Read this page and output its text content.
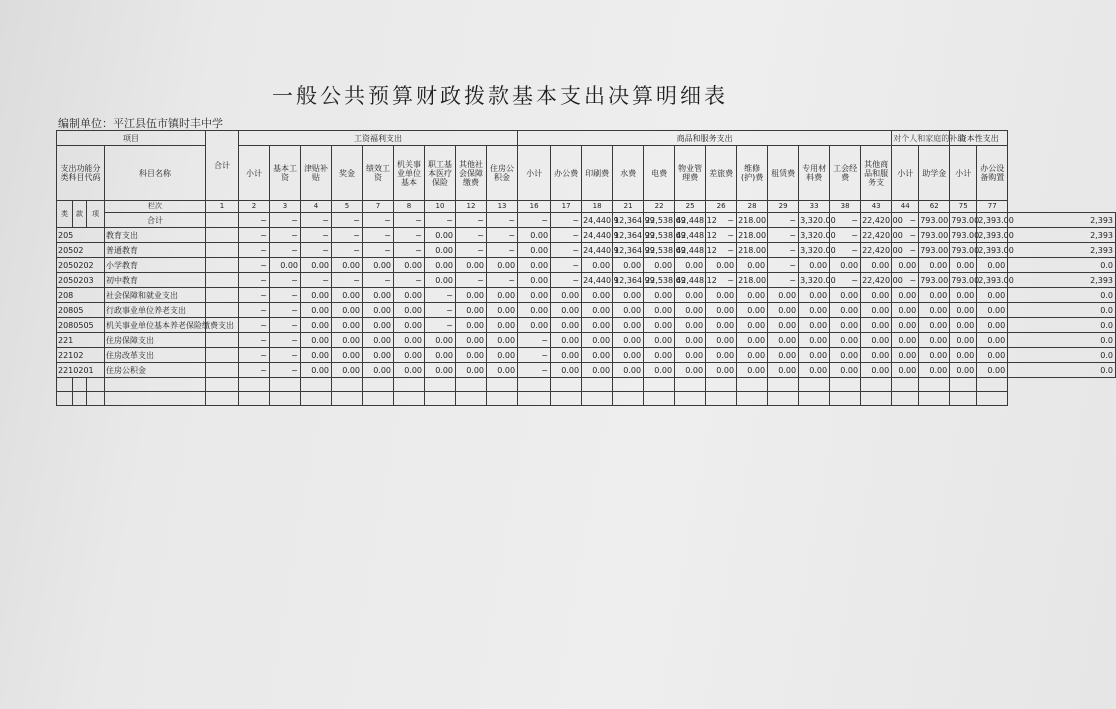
一般公共预算财政拨款基本支出决算明细表
编制单位：平江县伍市镇时丰中学
项目				合计	工资福利支出									商品和服务支出												对个人和家庭的补助		资本性支出		
支出功能分类科目代码			科目名称		小计	基本工资	津贴补贴	奖金	绩效工资	机关事业单位基本	职工基本医疗保险	其他社会保障缴费	住房公积金	小计	办公费	印刷费	水费	电费	物业管理费	差旅费	维修(护)费	租赁费	专用材料费	工会经费	其他商品和服务支	小计	助学金	小计	办公设备购置	
类	款	项	栏次	1	2	3	4	5	7	8	10	12	13	16	17	18	21	22	25	26	28	29	33	38	43	44	62	75	77	
			合计		~	~	~	~	~	~	~	~	~	~	~	24,440.9	12,364.99	22,538.69	42,448.12	~	218.00	~	3,320.00	~	22,420.00	~	793.00	793.00	2,393.00	2,393
205			教育支出		~	~	~	~	~	~	0.00	~	~	0.00	~	24,440.9	12,364.99	22,538.69	42,448.12	~	218.00	~	3,320.00	~	22,420.00	~	793.00	793.00	2,393.00	2,393
20502			普通教育		~	~	~	~	~	~	0.00	~	~	0.00	~	24,440.9	12,364.99	22,538.69	42,448.12	~	218.00	~	3,320.00	~	22,420.00	~	793.00	793.00	2,393.00	2,393
2050202			小学教育		~	0.00	0.00	0.00	0.00	0.00	0.00	0.00	0.00	0.00	~	0.00	0.00	0.00	0.00	0.00	0.00	~	0.00	0.00	0.00	0.00	0.00	0.00	0.00	0.0
2050203			初中教育		~	~	~	~	~	~	0.00	~	~	0.00	~	24,440.9	12,364.99	22,538.69	42,448.12	~	218.00	~	3,320.00	~	22,420.00	~	793.00	793.00	2,393.00	2,393
208			社会保障和就业支出		~	~	0.00	0.00	0.00	0.00	~	0.00	0.00	0.00	0.00	0.00	0.00	0.00	0.00	0.00	0.00	0.00	0.00	0.00	0.00	0.00	0.00	0.00	0.00	0.0
20805			行政事业单位养老支出		~	~	0.00	0.00	0.00	0.00	~	0.00	0.00	0.00	0.00	0.00	0.00	0.00	0.00	0.00	0.00	0.00	0.00	0.00	0.00	0.00	0.00	0.00	0.00	0.0
2080505			机关事业单位基本养老保险缴费支出		~	~	0.00	0.00	0.00	0.00	~	0.00	0.00	0.00	0.00	0.00	0.00	0.00	0.00	0.00	0.00	0.00	0.00	0.00	0.00	0.00	0.00	0.00	0.00	0.0
221			住房保障支出		~	~	0.00	0.00	0.00	0.00	0.00	0.00	0.00	~	0.00	0.00	0.00	0.00	0.00	0.00	0.00	0.00	0.00	0.00	0.00	0.00	0.00	0.00	0.00	0.0
22102			住房改革支出		~	~	0.00	0.00	0.00	0.00	0.00	0.00	0.00	~	0.00	0.00	0.00	0.00	0.00	0.00	0.00	0.00	0.00	0.00	0.00	0.00	0.00	0.00	0.00	0.0
2210201			住房公积金		~	~	0.00	0.00	0.00	0.00	0.00	0.00	0.00	~	0.00	0.00	0.00	0.00	0.00	0.00	0.00	0.00	0.00	0.00	0.00	0.00	0.00	0.00	0.00	0.0
